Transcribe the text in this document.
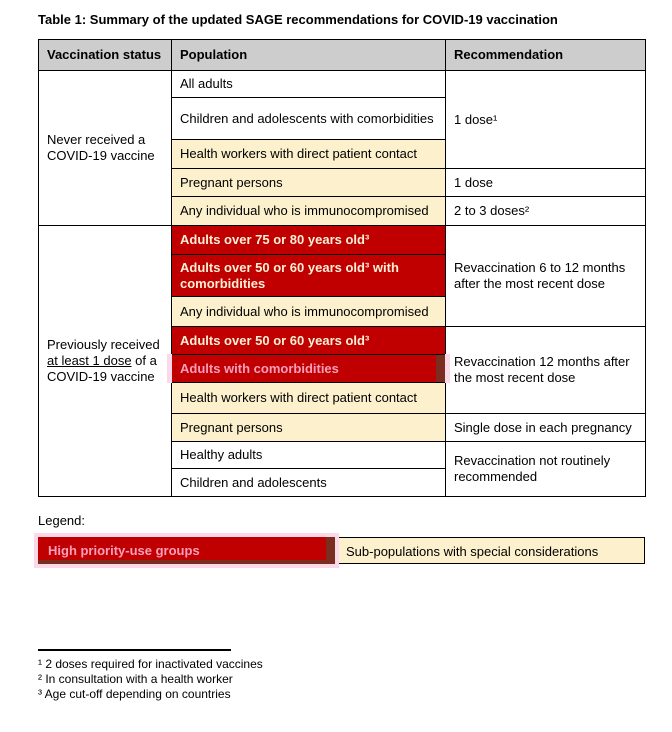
Table 1: Summary of the updated SAGE recommendations for COVID-19 vaccination
Vaccination status	Population	Recommendation
Never received a COVID-19 vaccine	All adults	1 dose¹
	Children and adolescents with comorbidities	
	Health workers with direct patient contact	
	Pregnant persons	1 dose
	Any individual who is immunocompromised	2 to 3 doses²
Previously received at least 1 dose of a COVID-19 vaccine	Adults over 75 or 80 years old³	Revaccination 6 to 12 months after the most recent dose
	Adults over 50 or 60 years old³ with comorbidities	
	Any individual who is immunocompromised	
	Adults over 50 or 60 years old³	Revaccination 12 months after the most recent dose
	Adults with comorbidities	
	Health workers with direct patient contact	
	Pregnant persons	Single dose in each pregnancy
	Healthy adults	Revaccination not routinely recommended
	Children and adolescents	
Legend:
High priority-use groups	Sub-populations with special considerations
¹ 2 doses required for inactivated vaccines
² In consultation with a health worker
³ Age cut-off depending on countries
